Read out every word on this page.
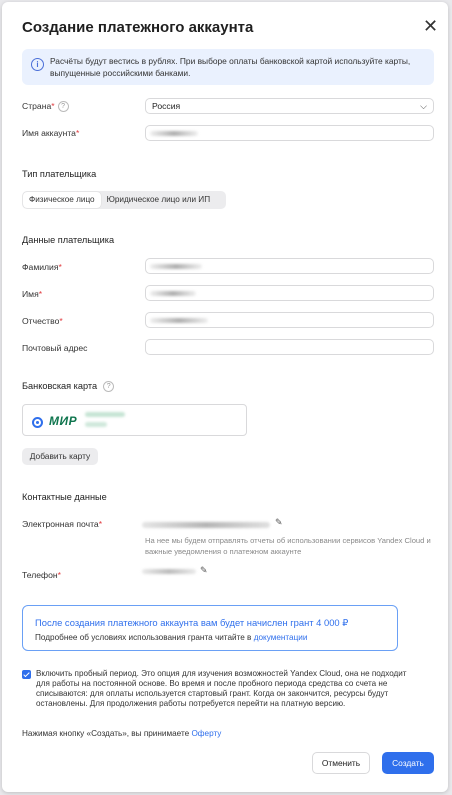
Создание платежного аккаунта	✕
i	Расчёты будут вестись в рублях. При выборе оплаты банковской картой используйте карты, выпущенные российскими банками.
Страна* ?	Россия	⌵
Имя аккаунта*
Тип плательщика
Физическое лицо	Юридическое лицо или ИП
Данные плательщика
Фамилия*
Имя*
Отчество*
Почтовый адрес
Банковская карта ?
МИР
Добавить карту
Контактные данные
Электронная почта*	✎
На нее мы будем отправлять отчеты об использовании сервисов Yandex Cloud и важные уведомления о платежном аккаунте
Телефон*	✎
После создания платежного аккаунта вам будет начислен грант 4 000 ₽
Подробнее об условиях использования гранта читайте в документации
Включить пробный период. Это опция для изучения возможностей Yandex Cloud, она не подходит для работы на постоянной основе. Во время и после пробного периода средства со счета не списываются: для оплаты используется стартовый грант. Когда он закончится, ресурсы будут остановлены. Для продолжения работы потребуется перейти на платную версию.
Нажимая кнопку «Создать», вы принимаете Оферту
Отменить	Создать
